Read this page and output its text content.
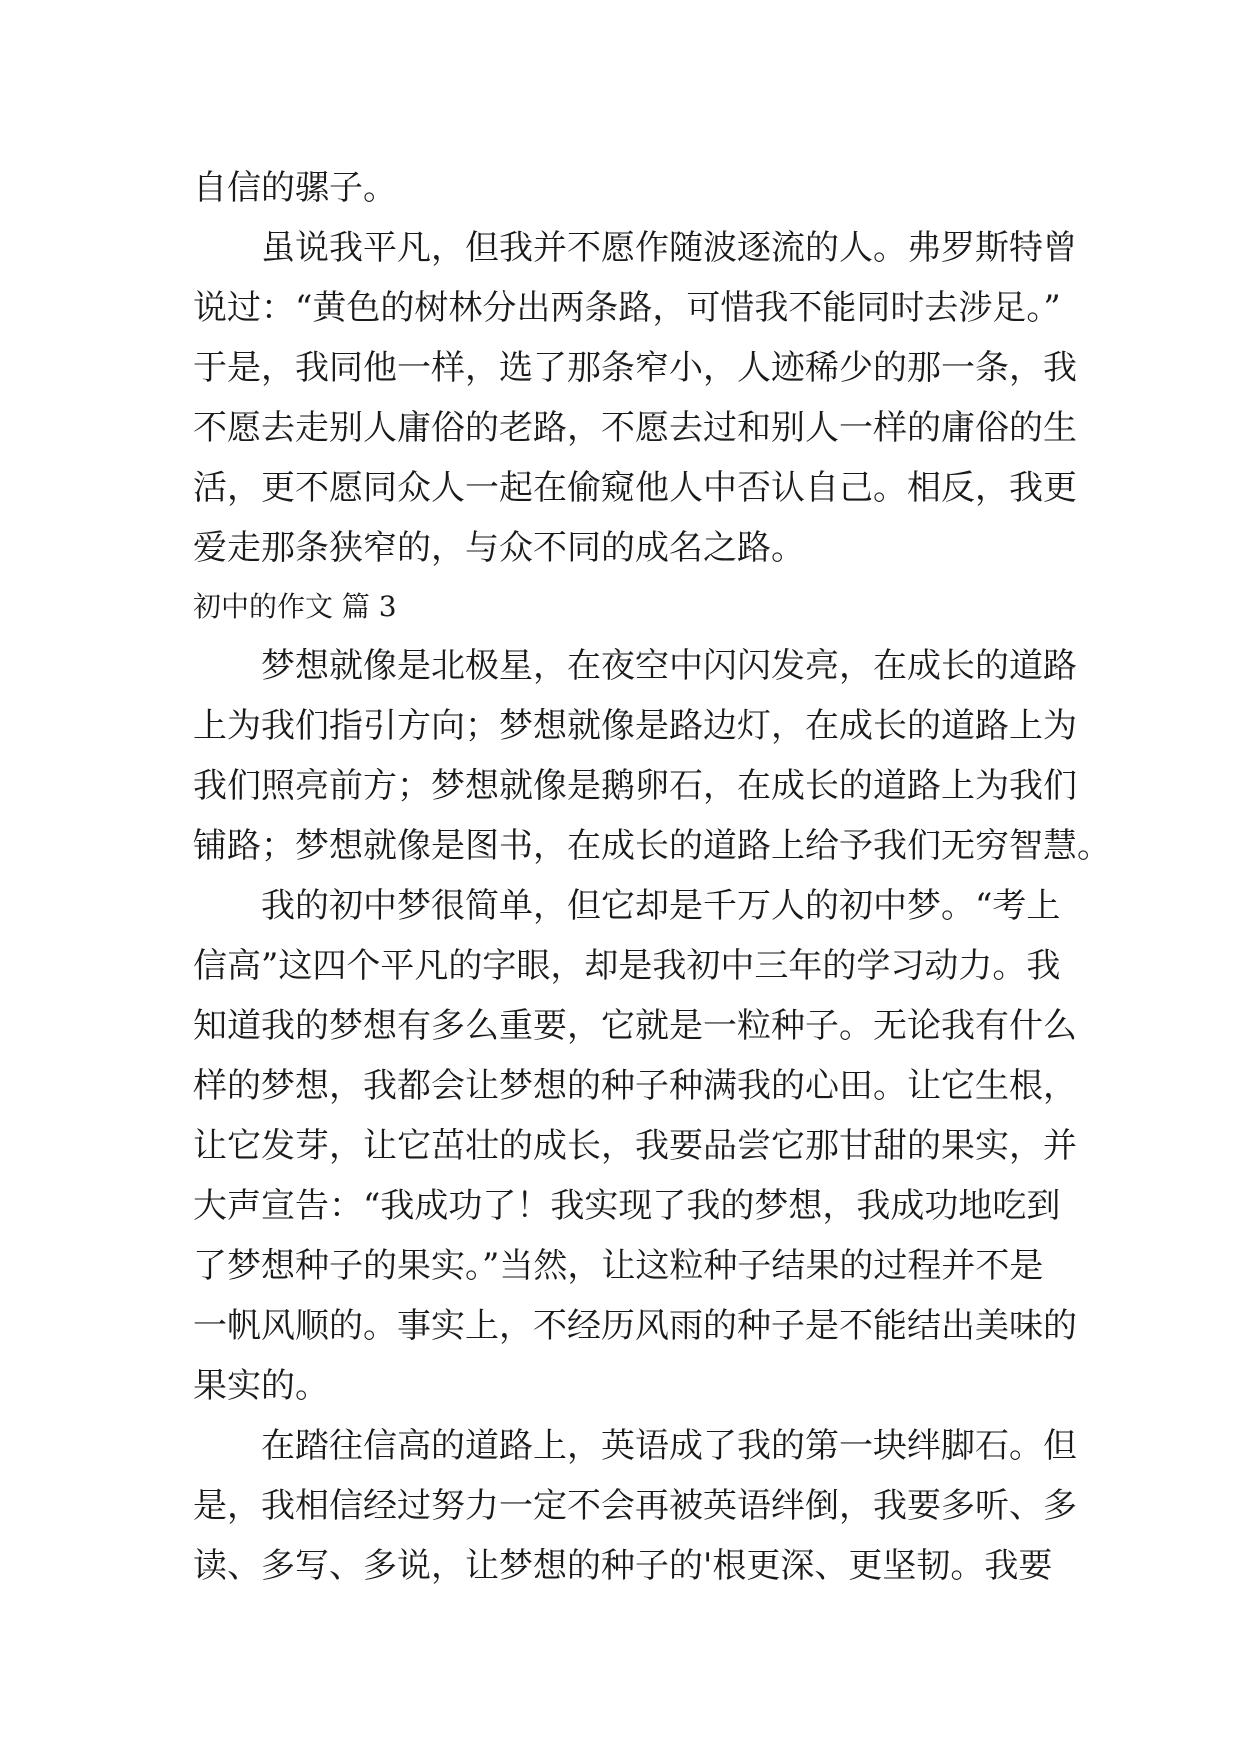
自信的骡子。
虽说我平凡，但我并不愿作随波逐流的人。弗罗斯特曾
说过：“黄色的树林分出两条路，可惜我不能同时去涉足。”
于是，我同他一样，选了那条窄小，人迹稀少的那一条，我
不愿去走别人庸俗的老路，不愿去过和别人一样的庸俗的生
活，更不愿同众人一起在偷窥他人中否认自己。相反，我更
爱走那条狭窄的，与众不同的成名之路。
初中的作文 篇 3
梦想就像是北极星，在夜空中闪闪发亮，在成长的道路
上为我们指引方向；梦想就像是路边灯，在成长的道路上为
我们照亮前方；梦想就像是鹅卵石，在成长的道路上为我们
铺路；梦想就像是图书，在成长的道路上给予我们无穷智慧。
我的初中梦很简单，但它却是千万人的初中梦。“考上
信高”这四个平凡的字眼，却是我初中三年的学习动力。我
知道我的梦想有多么重要，它就是一粒种子。无论我有什么
样的梦想，我都会让梦想的种子种满我的心田。让它生根，
让它发芽，让它茁壮的成长，我要品尝它那甘甜的果实，并
大声宣告：“我成功了！我实现了我的梦想，我成功地吃到
了梦想种子的果实。”当然，让这粒种子结果的过程并不是
一帆风顺的。事实上，不经历风雨的种子是不能结出美味的
果实的。
在踏往信高的道路上，英语成了我的第一块绊脚石。但
是，我相信经过努力一定不会再被英语绊倒，我要多听、多
读、多写、多说，让梦想的种子的'根更深、更坚韧。我要
